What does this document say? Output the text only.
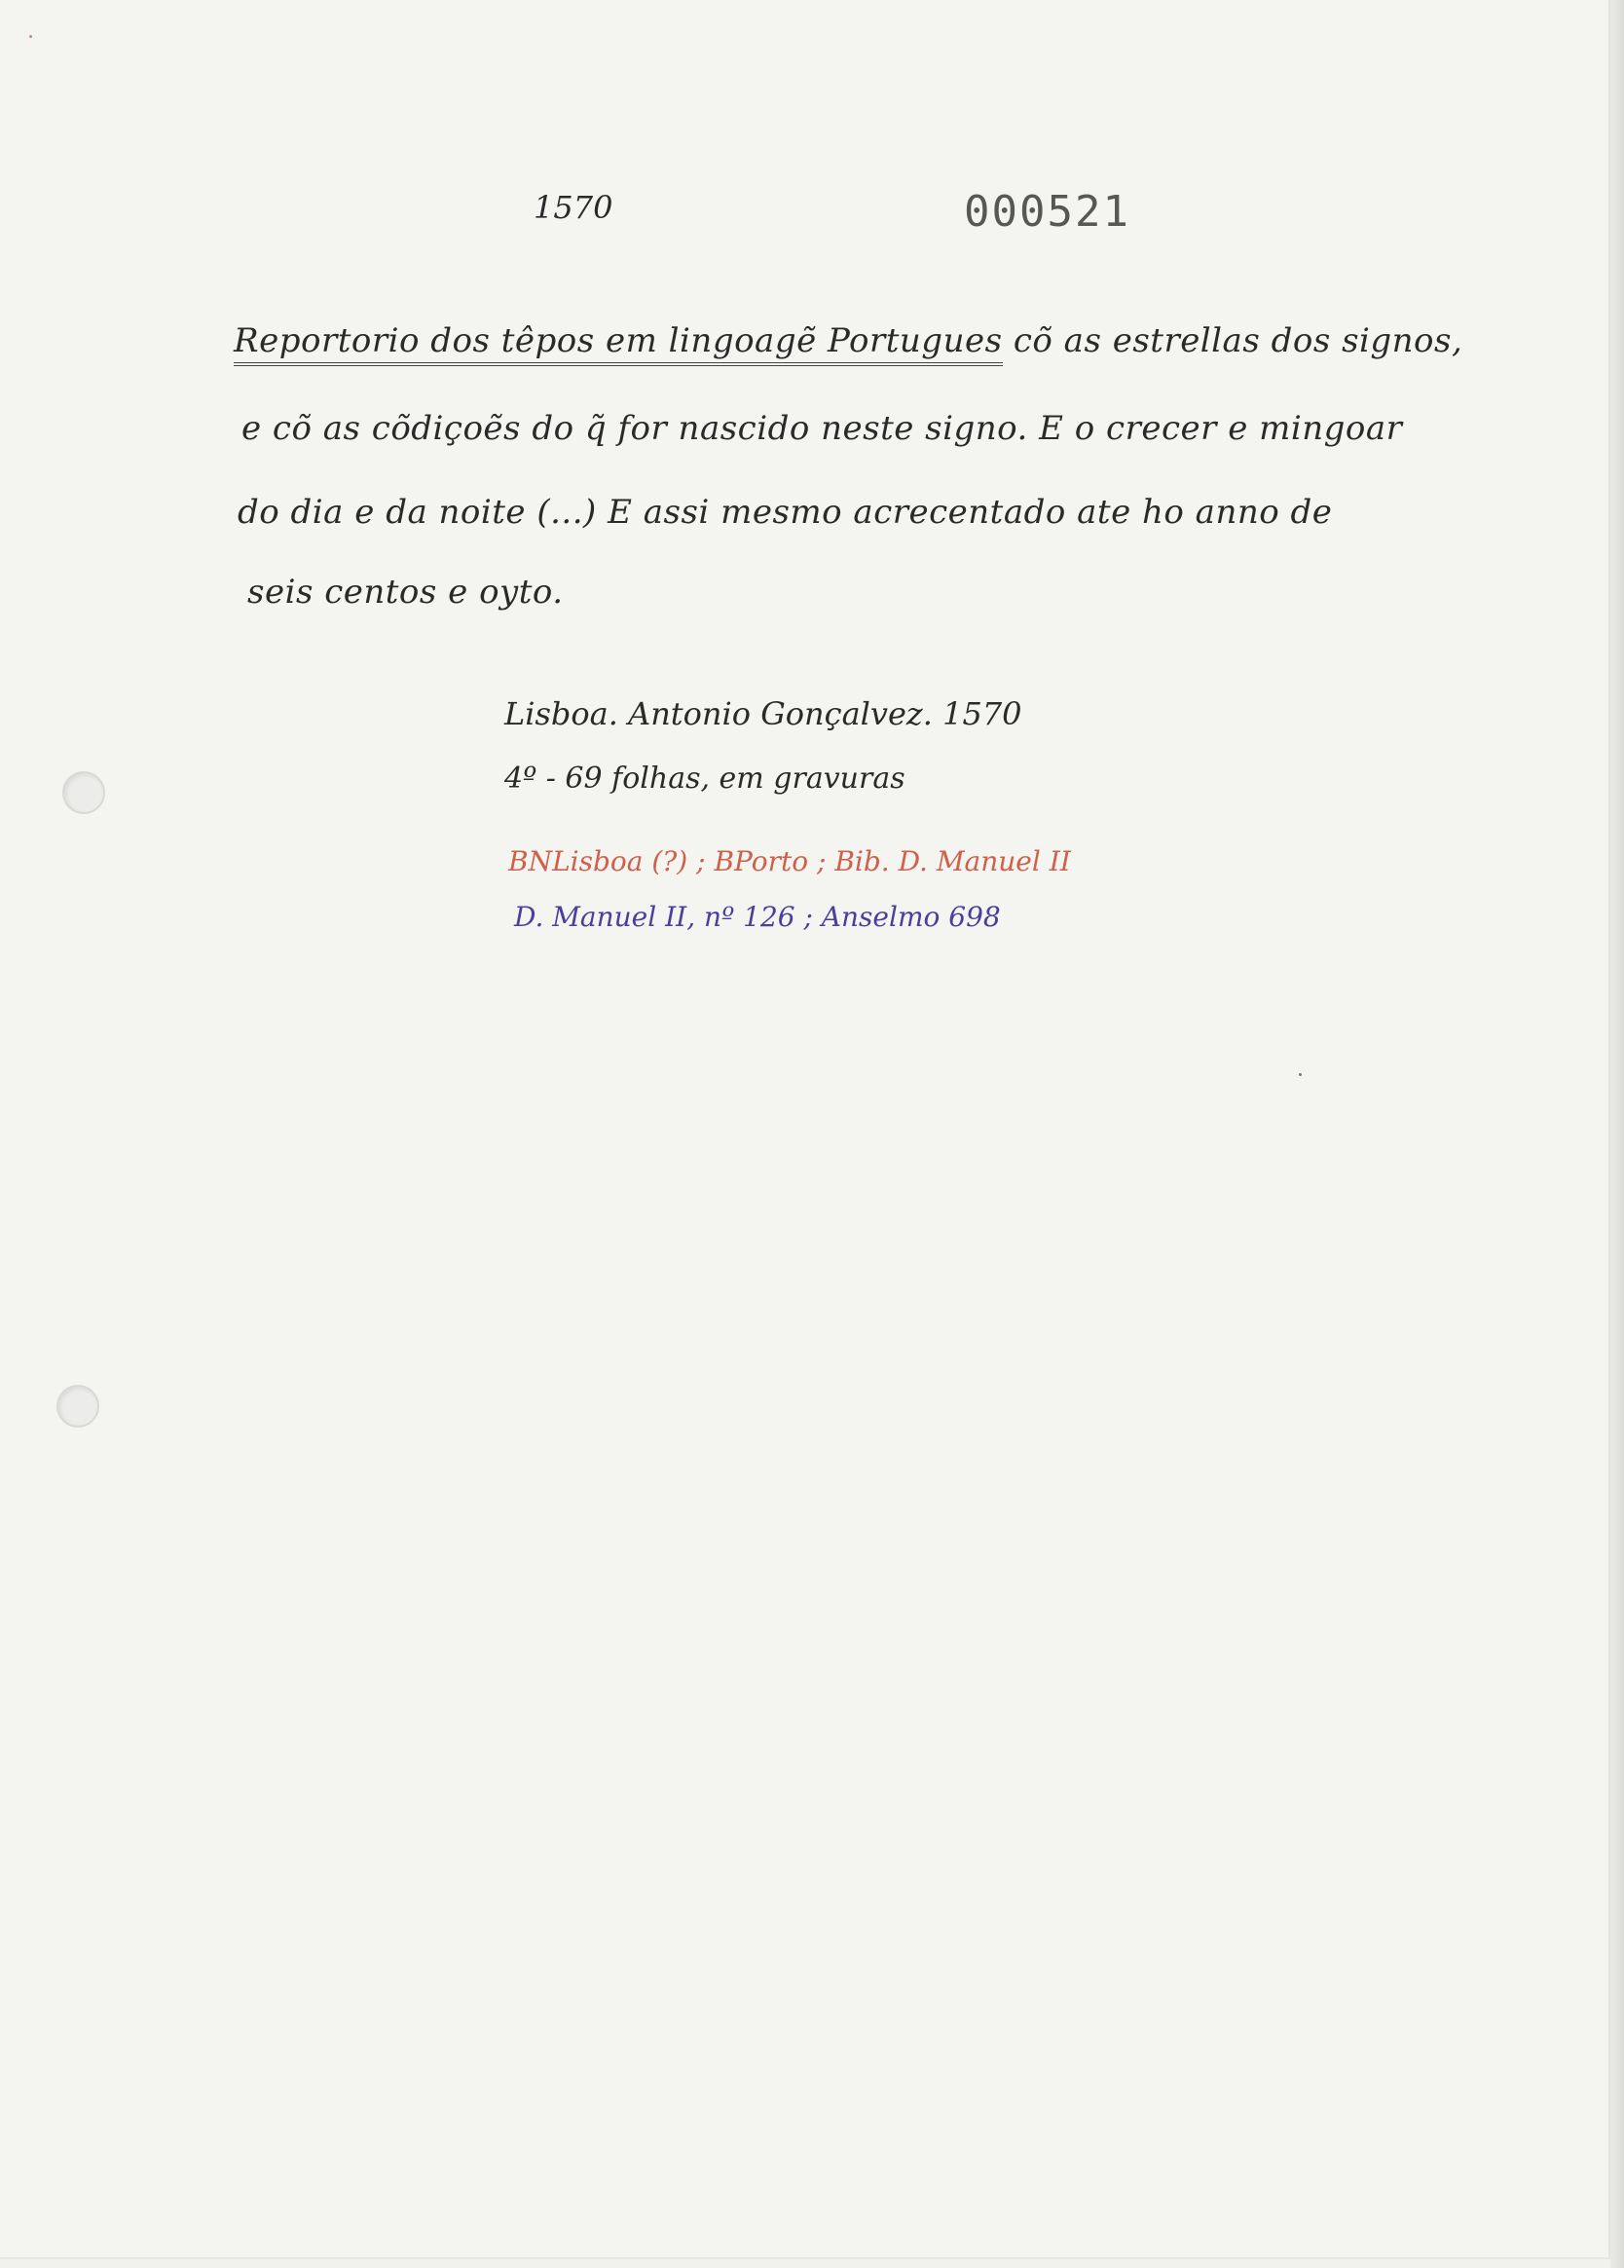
1570	000521
Reportorio dos têpos em lingoagẽ Portugues cõ as estrellas dos signos,
e cõ as cõdiçoẽs do q̃ for nascido neste signo. E o crecer e mingoar
do dia e da noite (...) E assi mesmo acrecentado ate ho anno de
seis centos e oyto.
Lisboa. Antonio Gonçalvez. 1570
4º - 69 folhas, em gravuras
BNLisboa (?) ; BPorto ; Bib. D. Manuel II
D. Manuel II, nº 126 ; Anselmo 698
